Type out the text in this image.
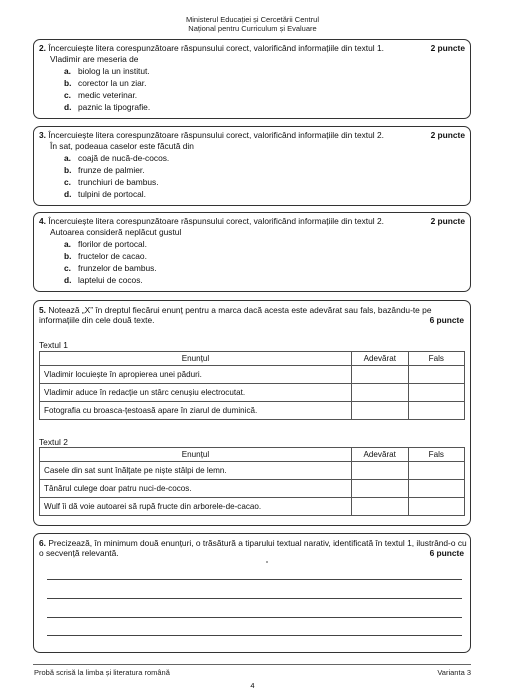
Ministerul Educației și Cercetării Centrul
Național pentru Curriculum și Evaluare
2. Încercuiește litera corespunzătoare răspunsului corect, valorificând informațiile din textul 1.	2 puncte
Vladimir are meseria de
a. biolog la un institut.
b. corector la un ziar.
c. medic veterinar.
d. paznic la tipografie.
3. Încercuiește litera corespunzătoare răspunsului corect, valorificând informațiile din textul 2.	2 puncte
În sat, podeaua caselor este făcută din
a. coajă de nucă-de-cocos.
b. frunze de palmier.
c. trunchiuri de bambus.
d. tulpini de portocal.
4. Încercuiește litera corespunzătoare răspunsului corect, valorificând informațiile din textul 2.	2 puncte
Autoarea consideră neplăcut gustul
a. florilor de portocal.
b. fructelor de cacao.
c. frunzelor de bambus.
d. laptelui de cocos.
5. Notează „X” în dreptul fiecărui enunț pentru a marca dacă acesta este adevărat sau fals, bazându-te pe informațiile din cele două texte.	6 puncte
Textul 1
Enunțul	Adevărat	Fals
Vladimir locuiește în apropierea unei păduri.		
Vladimir aduce în redacție un stârc cenușiu electrocutat.		
Fotografia cu broasca-țestoasă apare în ziarul de duminică.		
Textul 2
Enunțul	Adevărat	Fals
Casele din sat sunt înălțate pe niște stâlpi de lemn.		
Tânărul culege doar patru nuci-de-cocos.		
Wulf îi dă voie autoarei să rupă fructe din arborele-de-cacao.		
6. Precizează, în minimum două enunțuri, o trăsătură a tiparului textual narativ, identificată în textul 1, ilustrând-o cu o secvență relevantă.	6 puncte
Probă scrisă la limba și literatura română	Varianta 3
4
